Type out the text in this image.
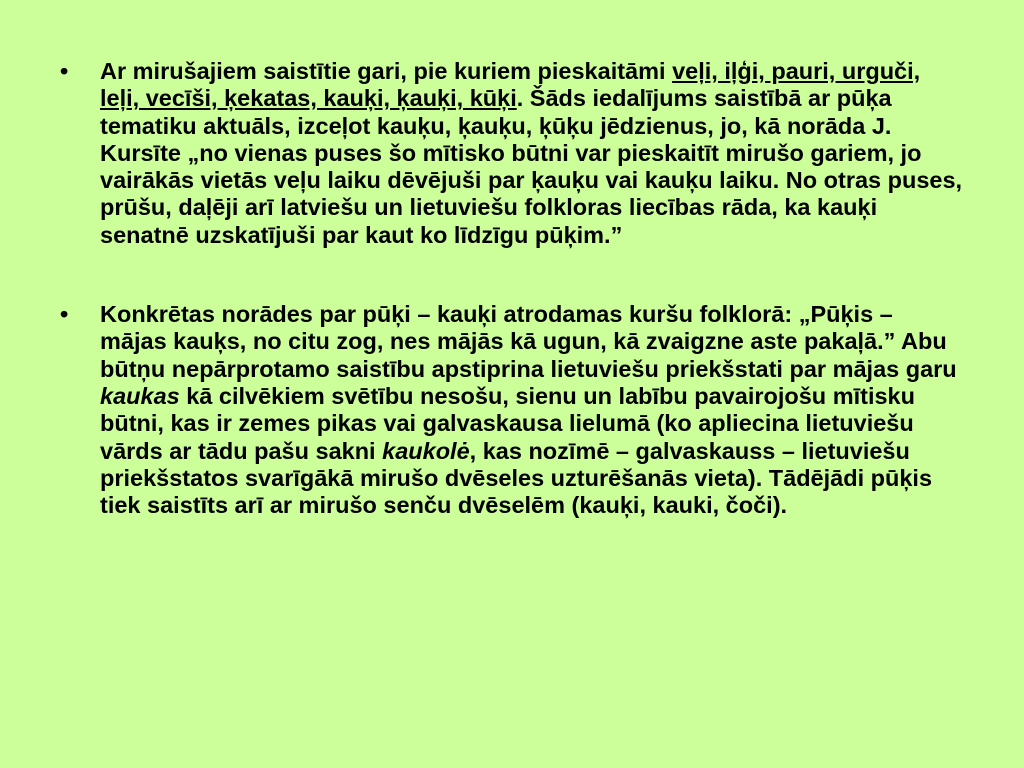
• Ar mirušajiem saistītie gari, pie kuriem pieskaitāmi veļi, iļģi, pauri, urguči, leļi, vecīši, ķekatas, kauķi, ķauķi, kūķi. Šāds iedalījums saistībā ar pūķa tematiku aktuāls, izceļot kauķu, ķauķu, ķūķu jēdzienus, jo, kā norāda J. Kursīte „no vienas puses šo mītisko būtni var pieskaitīt mirušo gariem, jo vairākās vietās veļu laiku dēvējuši par ķauķu vai kauķu laiku. No otras puses, prūšu, daļēji arī latviešu un lietuviešu folkloras liecības rāda, ka kauķi senatnē uzskatījuši par kaut ko līdzīgu pūķim.”
• Konkrētas norādes par pūķi – kauķi atrodamas kuršu folklorā: „Pūķis – mājas kauķs, no citu zog, nes mājās kā ugun, kā zvaigzne aste pakaļā.” Abu būtņu nepārprotamo saistību apstiprina lietuviešu priekšstati par mājas garu kaukas kā cilvēkiem svētību nesošu, sienu un labību pavairojošu mītisku būtni, kas ir zemes pikas vai galvaskausa lielumā (ko apliecina lietuviešu vārds ar tādu pašu sakni kaukolė, kas nozīmē – galvaskauss – lietuviešu priekšstatos svarīgākā mirušo dvēseles uzturēšanās vieta). Tādējādi pūķis tiek saistīts arī ar mirušo senču dvēselēm (kauķi, kauki, čoči).
